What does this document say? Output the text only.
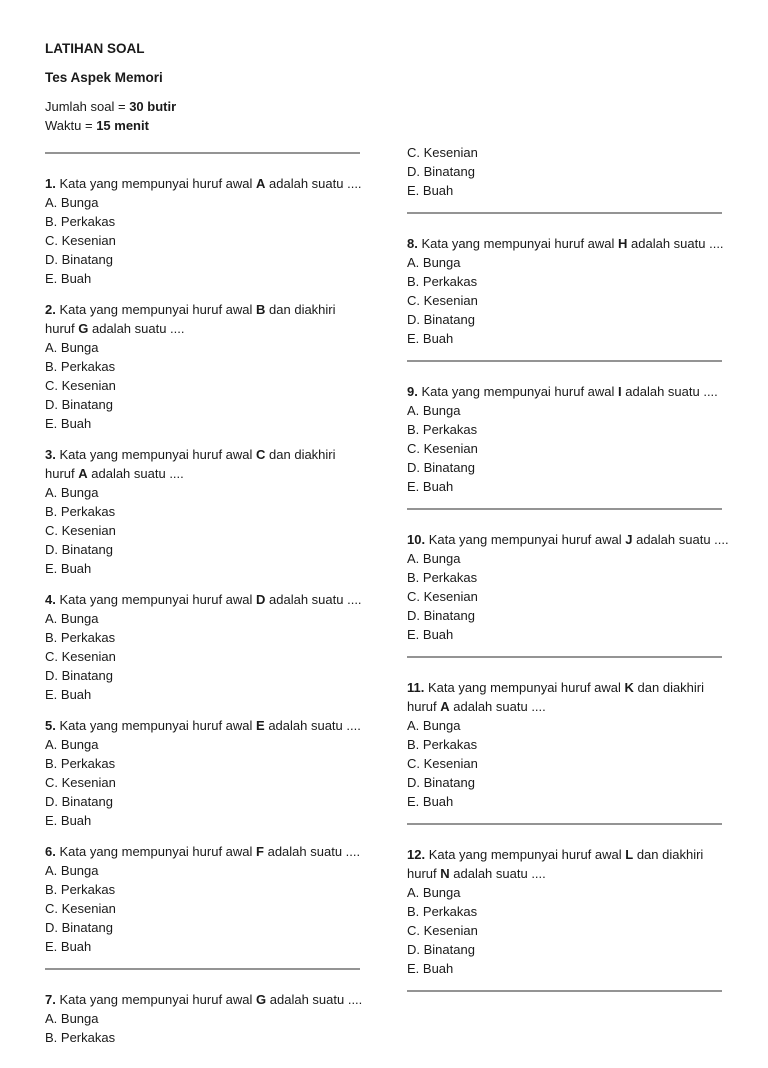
LATIHAN SOAL
Tes Aspek Memori
Jumlah soal = 30 butir
Waktu = 15 menit
1. Kata yang mempunyai huruf awal A adalah suatu ....
A. Bunga
B. Perkakas
C. Kesenian
D. Binatang
E. Buah
2. Kata yang mempunyai huruf awal B dan diakhiri
huruf G adalah suatu ....
A. Bunga
B. Perkakas
C. Kesenian
D. Binatang
E. Buah
3. Kata yang mempunyai huruf awal C dan diakhiri
huruf A adalah suatu ....
A. Bunga
B. Perkakas
C. Kesenian
D. Binatang
E. Buah
4. Kata yang mempunyai huruf awal D adalah suatu ....
A. Bunga
B. Perkakas
C. Kesenian
D. Binatang
E. Buah
5. Kata yang mempunyai huruf awal E adalah suatu ....
A. Bunga
B. Perkakas
C. Kesenian
D. Binatang
E. Buah
6. Kata yang mempunyai huruf awal F adalah suatu ....
A. Bunga
B. Perkakas
C. Kesenian
D. Binatang
E. Buah
7. Kata yang mempunyai huruf awal G adalah suatu ....
A. Bunga
B. Perkakas
C. Kesenian
D. Binatang
E. Buah
8. Kata yang mempunyai huruf awal H adalah suatu ....
A. Bunga
B. Perkakas
C. Kesenian
D. Binatang
E. Buah
9. Kata yang mempunyai huruf awal I adalah suatu ....
A. Bunga
B. Perkakas
C. Kesenian
D. Binatang
E. Buah
10. Kata yang mempunyai huruf awal J adalah suatu ....
A. Bunga
B. Perkakas
C. Kesenian
D. Binatang
E. Buah
11. Kata yang mempunyai huruf awal K dan diakhiri
huruf A adalah suatu ....
A. Bunga
B. Perkakas
C. Kesenian
D. Binatang
E. Buah
12. Kata yang mempunyai huruf awal L dan diakhiri
huruf N adalah suatu ....
A. Bunga
B. Perkakas
C. Kesenian
D. Binatang
E. Buah
